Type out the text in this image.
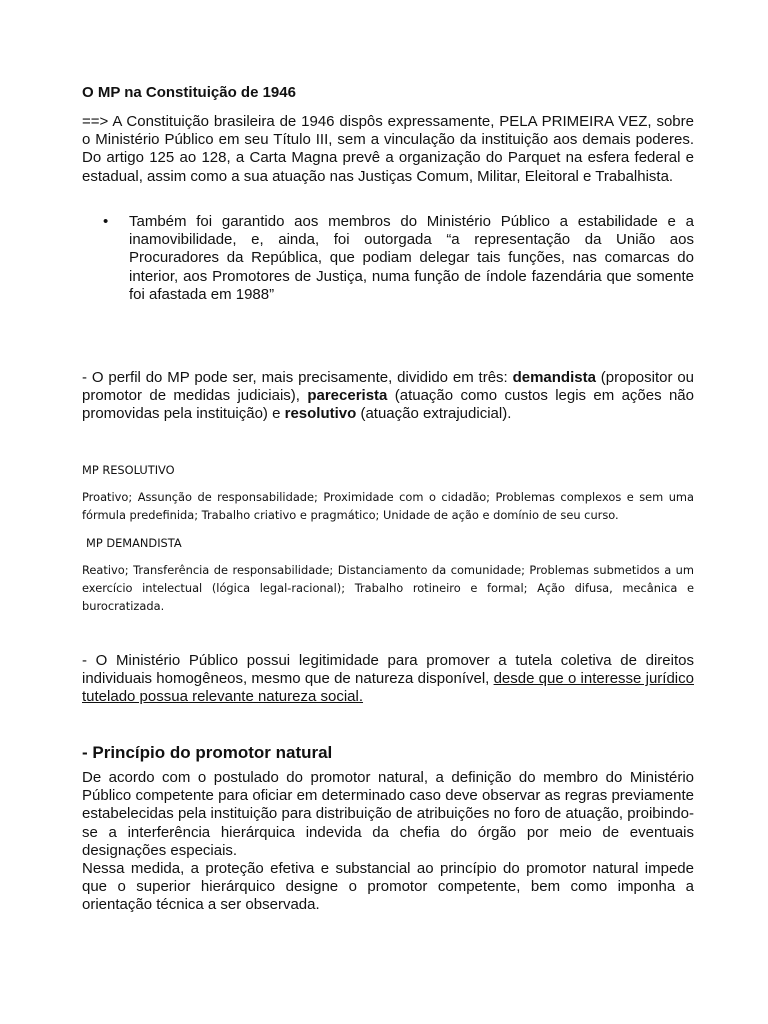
O MP na Constituição de 1946

==> A Constituição brasileira de 1946 dispôs expressamente, PELA PRIMEIRA VEZ, sobre o Ministério Público em seu Título III, sem a vinculação da instituição aos demais poderes. Do artigo 125 ao 128, a Carta Magna prevê a organização do Parquet na esfera federal e estadual, assim como a sua atuação nas Justiças Comum, Militar, Eleitoral e Trabalhista.

• Também foi garantido aos membros do Ministério Público a estabilidade e a inamovibilidade, e, ainda, foi outorgada “a representação da União aos Procuradores da República, que podiam delegar tais funções, nas comarcas do interior, aos Promotores de Justiça, numa função de índole fazendária que somente foi afastada em 1988”

- O perfil do MP pode ser, mais precisamente, dividido em três: demandista (propositor ou promotor de medidas judiciais), parecerista (atuação como custos legis em ações não promovidas pela instituição) e resolutivo (atuação extrajudicial).

MP RESOLUTIVO

Proativo; Assunção de responsabilidade; Proximidade com o cidadão; Problemas complexos e sem uma fórmula predefinida; Trabalho criativo e pragmático; Unidade de ação e domínio de seu curso.

MP DEMANDISTA

Reativo; Transferência de responsabilidade; Distanciamento da comunidade; Problemas submetidos a um exercício intelectual (lógica legal-racional); Trabalho rotineiro e formal; Ação difusa, mecânica e burocratizada.

- O Ministério Público possui legitimidade para promover a tutela coletiva de direitos individuais homogêneos, mesmo que de natureza disponível, desde que o interesse jurídico tutelado possua relevante natureza social.

- Princípio do promotor natural

De acordo com o postulado do promotor natural, a definição do membro do Ministério Público competente para oficiar em determinado caso deve observar as regras previamente estabelecidas pela instituição para distribuição de atribuições no foro de atuação, proibindo-se a interferência hierárquica indevida da chefia do órgão por meio de eventuais designações especiais.

Nessa medida, a proteção efetiva e substancial ao princípio do promotor natural impede que o superior hierárquico designe o promotor competente, bem como imponha a orientação técnica a ser observada.
